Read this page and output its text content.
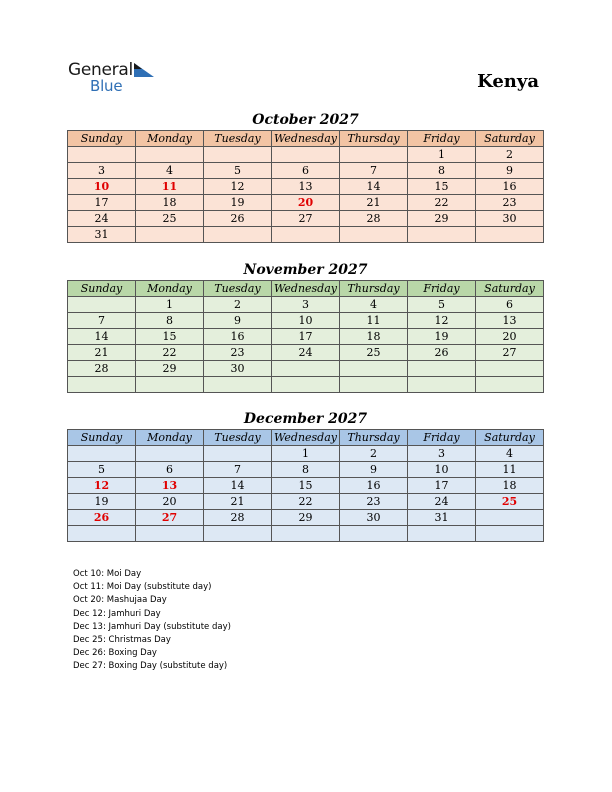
General
Blue	Kenya
October 2027
Sunday	Monday	Tuesday	Wednesday	Thursday	Friday	Saturday
					1	2
3	4	5	6	7	8	9
10	11	12	13	14	15	16
17	18	19	20	21	22	23
24	25	26	27	28	29	30
31						
November 2027
Sunday	Monday	Tuesday	Wednesday	Thursday	Friday	Saturday
	1	2	3	4	5	6
7	8	9	10	11	12	13
14	15	16	17	18	19	20
21	22	23	24	25	26	27
28	29	30				

December 2027
Sunday	Monday	Tuesday	Wednesday	Thursday	Friday	Saturday
			1	2	3	4
5	6	7	8	9	10	11
12	13	14	15	16	17	18
19	20	21	22	23	24	25
26	27	28	29	30	31	

Oct 10: Moi Day
Oct 11: Moi Day (substitute day)
Oct 20: Mashujaa Day
Dec 12: Jamhuri Day
Dec 13: Jamhuri Day (substitute day)
Dec 25: Christmas Day
Dec 26: Boxing Day
Dec 27: Boxing Day (substitute day)
